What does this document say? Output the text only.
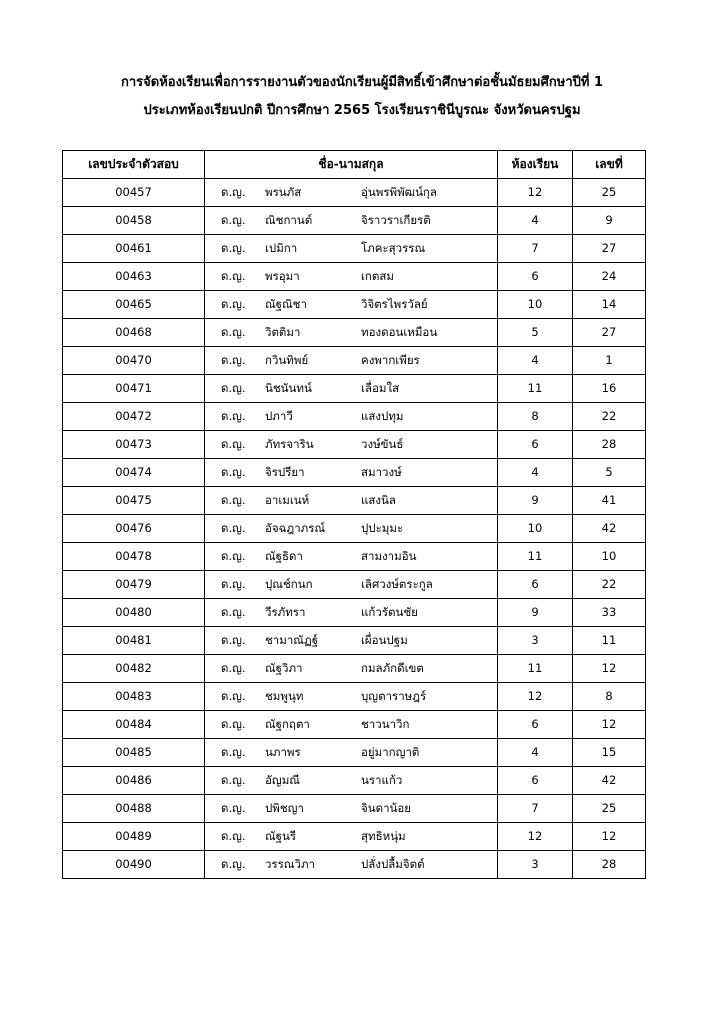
การจัดห้องเรียนเพื่อการรายงานตัวของนักเรียนผู้มีสิทธิ์เข้าศึกษาต่อชั้นมัธยมศึกษาปีที่ 1
ประเภทห้องเรียนปกติ ปีการศึกษา 2565 โรงเรียนราชินีบูรณะ จังหวัดนครปฐม
เลขประจำตัวสอบ	ชื่อ-นามสกุล	ห้องเรียน	เลขที่
00457	ด.ญ. พรนภัส อุ่นพรพิพัฒน์กุล	12	25
00458	ด.ญ. ณิชกานต์ จิราวราเกียรติ	4	9
00461	ด.ญ. เปมิกา โภคะสุวรรณ	7	27
00463	ด.ญ. พรอุมา เกตสม	6	24
00465	ด.ญ. ณัฐณิชา วิจิตรไพรวัลย์	10	14
00468	ด.ญ. วิตติมา ทองดอนเหมือน	5	27
00470	ด.ญ. กวินทิพย์ คงพากเพียร	4	1
00471	ด.ญ. นิชนันทน์ เลื่อมใส	11	16
00472	ด.ญ. ปภาวี แสงปทุม	8	22
00473	ด.ญ. ภัทรจาริน วงษ์ขันธ์	6	28
00474	ด.ญ. จิรปรียา สมาวงษ์	4	5
00475	ด.ญ. อาเมเนห์ แสงนิล	9	41
00476	ด.ญ. อัจฉฎาภรณ์ ปุปะมุมะ	10	42
00478	ด.ญ. ณัฐธิดา สามงามอิน	11	10
00479	ด.ญ. ปุณช์กนก เลิศวงษ์ตระกูล	6	22
00480	ด.ญ. วีรภัทรา แก้วรัตนชัย	9	33
00481	ด.ญ. ชามาณัฏฐ์ เผื่อนปฐม	3	11
00482	ด.ญ. ณัฐวิภา กมลภักดีเขต	11	12
00483	ด.ญ. ชมพูนุท บุญตาราษฎร์	12	8
00484	ด.ญ. ณัฐกฤตา ชาวนาวิก	6	12
00485	ด.ญ. นภาพร อยู่มากญาติ	4	15
00486	ด.ญ. อัญมณี นราแก้ว	6	42
00488	ด.ญ. ปพิชญา จินดาน้อย	7	25
00489	ด.ญ. ณัฐนรี สุทธิหนุ่ม	12	12
00490	ด.ญ. วรรณวิภา ปลั่งปลื้มจิตต์	3	28
